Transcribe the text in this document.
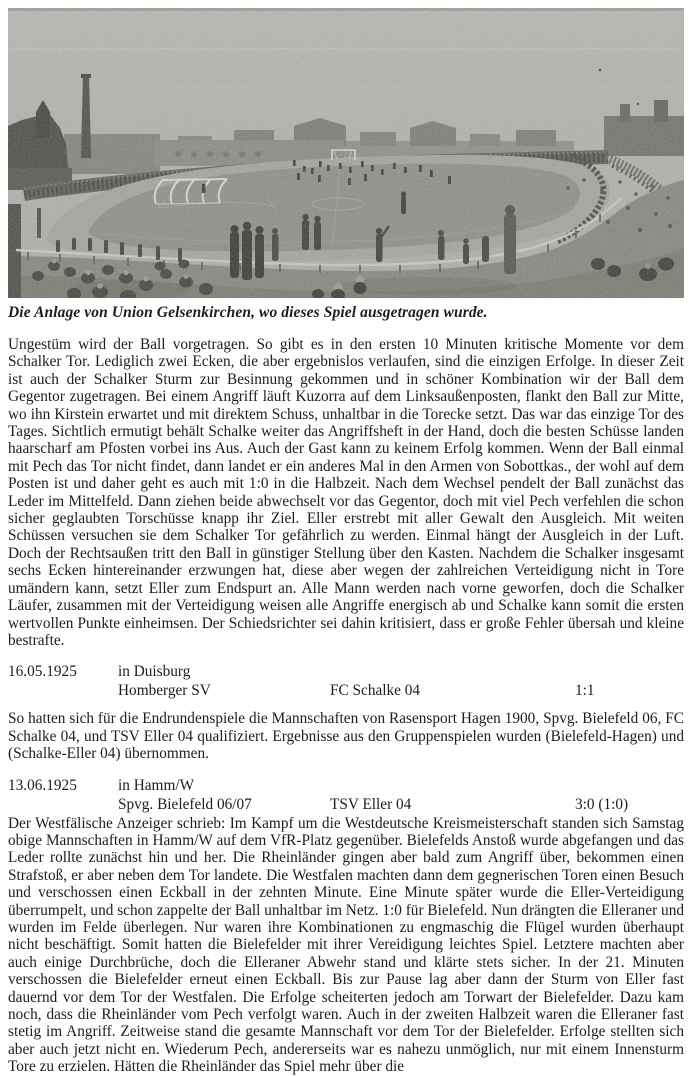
Die Anlage von Union Gelsenkirchen, wo dieses Spiel ausgetragen wurde.

Ungestüm wird der Ball vorgetragen. So gibt es in den ersten 10 Minuten kritische Momente vor dem Schalker Tor. Lediglich zwei Ecken, die aber ergebnislos verlaufen, sind die einzigen Erfolge. In dieser Zeit ist auch der Schalker Sturm zur Besinnung gekommen und in schöner Kombination wir der Ball dem Gegentor zugetragen. Bei einem Angriff läuft Kuzorra auf dem Linksaußenposten, flankt den Ball zur Mitte, wo ihn Kirstein erwartet und mit direktem Schuss, unhaltbar in die Torecke setzt. Das war das einzige Tor des Tages. Sichtlich ermutigt behält Schalke weiter das Angriffsheft in der Hand, doch die besten Schüsse landen haarscharf am Pfosten vorbei ins Aus. Auch der Gast kann zu keinem Erfolg kommen. Wenn der Ball einmal mit Pech das Tor nicht findet, dann landet er ein anderes Mal in den Armen von Sobottkas., der wohl auf dem Posten ist und daher geht es auch mit 1:0 in die Halbzeit. Nach dem Wechsel pendelt der Ball zunächst das Leder im Mittelfeld. Dann ziehen beide abwechselt vor das Gegentor, doch mit viel Pech verfehlen die schon sicher geglaubten Torschüsse knapp ihr Ziel. Eller erstrebt mit aller Gewalt den Ausgleich. Mit weiten Schüssen versuchen sie dem Schalker Tor gefährlich zu werden. Einmal hängt der Ausgleich in der Luft. Doch der Rechtsaußen tritt den Ball in günstiger Stellung über den Kasten. Nachdem die Schalker insgesamt sechs Ecken hintereinander erzwungen hat, diese aber wegen der zahlreichen Verteidigung nicht in Tore umändern kann, setzt Eller zum Endspurt an. Alle Mann werden nach vorne geworfen, doch die Schalker Läufer, zusammen mit der Verteidigung weisen alle Angriffe energisch ab und Schalke kann somit die ersten wertvollen Punkte einheimsen. Der Schiedsrichter sei dahin kritisiert, dass er große Fehler übersah und kleine bestrafte.

16.05.1925	in Duisburg
Homberger SV	FC Schalke 04	1:1

So hatten sich für die Endrundenspiele die Mannschaften von Rasensport Hagen 1900, Spvg. Bielefeld 06, FC Schalke 04, und TSV Eller 04 qualifiziert. Ergebnisse aus den Gruppenspielen wurden (Bielefeld-Hagen) und (Schalke-Eller 04) übernommen.

13.06.1925	in Hamm/W
Spvg. Bielefeld 06/07	TSV Eller 04	3:0 (1:0)

Der Westfälische Anzeiger schrieb: Im Kampf um die Westdeutsche Kreismeisterschaft standen sich Samstag obige Mannschaften in Hamm/W auf dem VfR-Platz gegenüber. Bielefelds Anstoß wurde abgefangen und das Leder rollte zunächst hin und her. Die Rheinländer gingen aber bald zum Angriff über, bekommen einen Strafstoß, er aber neben dem Tor landete. Die Westfalen machten dann dem gegnerischen Toren einen Besuch und verschossen einen Eckball in der zehnten Minute. Eine Minute später wurde die Eller-Verteidigung überrumpelt, und schon zappelte der Ball unhaltbar im Netz. 1:0 für Bielefeld. Nun drängten die Elleraner und wurden im Felde überlegen. Nur waren ihre Kombinationen zu engmaschig die Flügel wurden überhaupt nicht beschäftigt. Somit hatten die Bielefelder mit ihrer Vereidigung leichtes Spiel. Letztere machten aber auch einige Durchbrüche, doch die Elleraner Abwehr stand und klärte stets sicher. In der 21. Minuten verschossen die Bielefelder erneut einen Eckball. Bis zur Pause lag aber dann der Sturm von Eller fast dauernd vor dem Tor der Westfalen. Die Erfolge scheiterten jedoch am Torwart der Bielefelder. Dazu kam noch, dass die Rheinländer vom Pech verfolgt waren. Auch in der zweiten Halbzeit waren die Elleraner fast stetig im Angriff. Zeitweise stand die gesamte Mannschaft vor dem Tor der Bielefelder. Erfolge stellten sich aber auch jetzt nicht en. Wiederum Pech, andererseits war es nahezu unmöglich, nur mit einem Innensturm Tore zu erzielen. Hätten die Rheinländer das Spiel mehr über die
